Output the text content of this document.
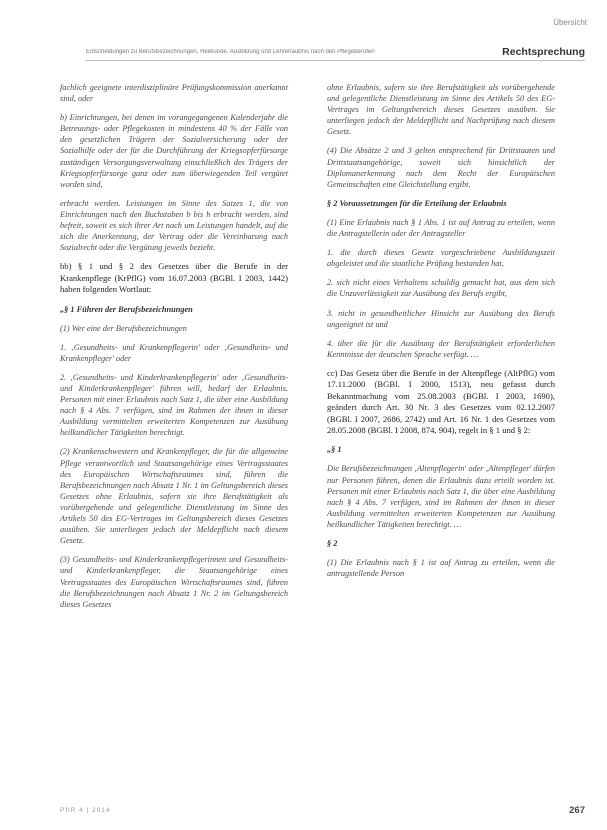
Übersicht
Entscheidungen zu Berufsbezeichnungen, Heilkunde, Ausbildung und Lehrerlaubnis nach den Pflegeberufen	Rechtsprechung

fachlich geeignete interdisziplinäre Prüfungskommission anerkannt sind, oder

b) Einrichtungen, bei denen im vorangegangenen Kalenderjahr die Betreuungs- oder Pflegekosten in mindestens 40 % der Fälle von den gesetzlichen Trägern der Sozialversicherung oder der Sozialhilfe oder der für die Durchführung der Kriegsopferfürsorge zuständigen Versorgungsverwaltung einschließlich des Trägers der Kriegsopferfürsorge ganz oder zum überwiegenden Teil vergütet worden sind,

erbracht werden. Leistungen im Sinne des Satzes 1, die von Einrichtungen nach den Buchstaben b bis h erbracht werden, sind befreit, soweit es sich ihrer Art nach um Leistungen handelt, auf die sich die Anerkennung, der Vertrag oder die Vereinbarung nach Sozialrecht oder die Vergütung jeweils bezieht.

bb) § 1 und § 2 des Gesetzes über die Berufe in der Krankenpflege (KrPflG) vom 16.07.2003 (BGBl. I 2003, 1442) haben folgenden Wortlaut:

„§ 1 Führen der Berufsbezeichnungen

(1) Wer eine der Berufsbezeichnungen

1. ‚Gesundheits- und Krankenpflegerin' oder ‚Gesundheits- und Krankenpfleger' oder

2. ‚Gesundheits- und Kinderkrankenpflegerin' oder ‚Gesundheits- und Kinderkrankenpfleger' führen will, bedarf der Erlaubnis. Personen mit einer Erlaubnis nach Satz 1, die über eine Ausbildung nach § 4 Abs. 7 verfügen, sind im Rahmen der ihnen in dieser Ausbildung vermittelten erweiterten Kompetenzen zur Ausübung heilkundlicher Tätigkeiten berechtigt.

(2) Krankenschwestern und Krankenpfleger, die für die allgemeine Pflege verantwortlich und Staatsangehörige eines Vertragsstaates des Europäischen Wirtschaftsraumes sind, führen die Berufsbezeichnungen nach Absatz 1 Nr. 1 im Geltungsbereich dieses Gesetzes ohne Erlaubnis, sofern sie ihre Berufstätigkeit als vorübergehende und gelegentliche Dienstleistung im Sinne des Artikels 50 des EG-Vertrages im Geltungsbereich dieses Gesetzes ausüben. Sie unterliegen jedoch der Meldepflicht nach diesem Gesetz.

(3) Gesundheits- und Kinderkrankenpflegerinnen und Gesundheits- und Kinderkrankenpfleger, die Staatsangehörige eines Vertragsstaates des Europäischen Wirtschaftsraumes sind, führen die Berufsbezeichnungen nach Absatz 1 Nr. 2 im Geltungsbereich dieses Gesetzes

ohne Erlaubnis, sofern sie ihre Berufstätigkeit als vorübergehende und gelegentliche Dienstleistung im Sinne des Artikels 50 des EG-Vertrages im Geltungsbereich dieses Gesetzes ausüben. Sie unterliegen jedoch der Meldepflicht und Nachprüfung nach diesem Gesetz.

(4) Die Absätze 2 und 3 gelten entsprechend für Drittstaaten und Drittstaatsangehörige, soweit sich hinsichtlich der Diplomanerkennung nach dem Recht der Europäischen Gemeinschaften eine Gleichstellung ergibt.

§ 2 Voraussetzungen für die Erteilung der Erlaubnis

(1) Eine Erlaubnis nach § 1 Abs. 1 ist auf Antrag zu erteilen, wenn die Antragstellerin oder der Antragsteller

1. die durch dieses Gesetz vorgeschriebene Ausbildungszeit abgeleistet und die staatliche Prüfung bestanden hat,

2. sich nicht eines Verhaltens schuldig gemacht hat, aus dem sich die Unzuverlässigkeit zur Ausübung des Berufs ergibt,

3. nicht in gesundheitlicher Hinsicht zur Ausübung des Berufs ungeeignet ist und

4. über die für die Ausübung der Berufstätigkeit erforderlichen Kenntnisse der deutschen Sprache verfügt. …

cc) Das Gesetz über die Berufe in der Altenpflege (AltPflG) vom 17.11.2000 (BGBl. I 2000, 1513), neu gefasst durch Bekanntmachung vom 25.08.2003 (BGBl. I 2003, 1690), geändert durch Art. 30 Nr. 3 des Gesetzes vom 02.12.2007 (BGBl. I 2007, 2686, 2742) und Art. 16 Nr. 1 des Gesetzes vom 28.05.2008 (BGBl. I 2008, 874, 904), regelt in § 1 und § 2:

„§ 1

Die Berufsbezeichnungen ‚Altenpflegerin' oder ‚Altenpfleger' dürfen nur Personen führen, denen die Erlaubnis dazu erteilt worden ist. Personen mit einer Erlaubnis nach Satz 1, die über eine Ausbildung nach § 4 Abs. 7 verfügen, sind im Rahmen der ihnen in dieser Ausbildung vermittelten erweiterten Kompetenzen zur Ausübung heilkundlicher Tätigkeiten berechtigt. …

§ 2

(1) Die Erlaubnis nach § 1 ist auf Antrag zu erteilen, wenn die antragstellende Person

PflR 4 | 2014	267
